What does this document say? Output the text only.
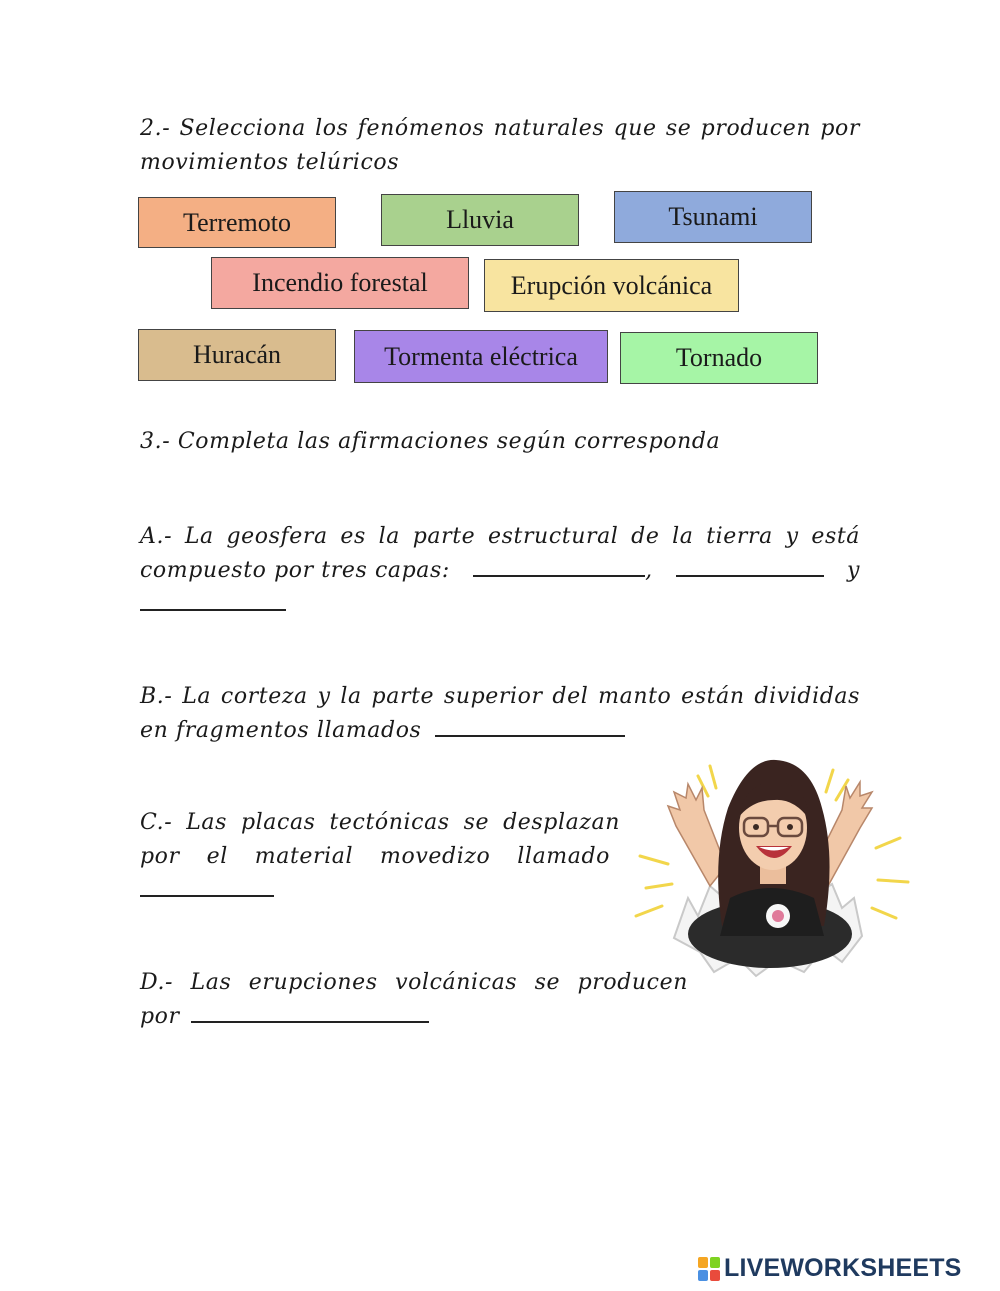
2.- Selecciona los fenómenos naturales que se producen por
movimientos telúricos
Terremoto	Lluvia	Tsunami
Incendio forestal	Erupción volcánica
Huracán	Tormenta eléctrica	Tornado
3.- Completa las afirmaciones según corresponda
A.- La geosfera es la parte estructural de la tierra y está
compuesto por tres capas:	,	y
B.- La corteza y la parte superior del manto están divididas
en fragmentos llamados
C.- Las placas tectónicas se desplazan
por el material movedizo llamado
D.- Las erupciones volcánicas se producen
por
LIVEWORKSHEETS
